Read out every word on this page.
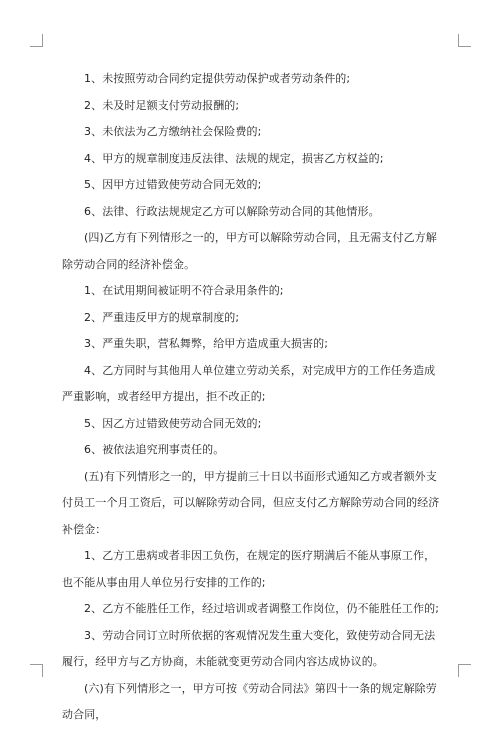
1、未按照劳动合同约定提供劳动保护或者劳动条件的;

2、未及时足额支付劳动报酬的;

3、未依法为乙方缴纳社会保险费的;

4、甲方的规章制度违反法律、法规的规定，损害乙方权益的;

5、因甲方过错致使劳动合同无效的;

6、法律、行政法规规定乙方可以解除劳动合同的其他情形。

(四)乙方有下列情形之一的，甲方可以解除劳动合同，且无需支付乙方解除劳动合同的经济补偿金。

1、在试用期间被证明不符合录用条件的;

2、严重违反甲方的规章制度的;

3、严重失职，营私舞弊，给甲方造成重大损害的;

4、乙方同时与其他用人单位建立劳动关系，对完成甲方的工作任务造成严重影响，或者经甲方提出，拒不改正的;

5、因乙方过错致使劳动合同无效的;

6、被依法追究刑事责任的。

(五)有下列情形之一的，甲方提前三十日以书面形式通知乙方或者额外支付员工一个月工资后，可以解除劳动合同，但应支付乙方解除劳动合同的经济补偿金：

1、乙方工患病或者非因工负伤，在规定的医疗期满后不能从事原工作，也不能从事由用人单位另行安排的工作的;

2、乙方不能胜任工作，经过培训或者调整工作岗位，仍不能胜任工作的;

3、劳动合同订立时所依据的客观情况发生重大变化，致使劳动合同无法履行，经甲方与乙方协商，未能就变更劳动合同内容达成协议的。

(六)有下列情形之一，甲方可按《劳动合同法》第四十一条的规定解除劳动合同，
